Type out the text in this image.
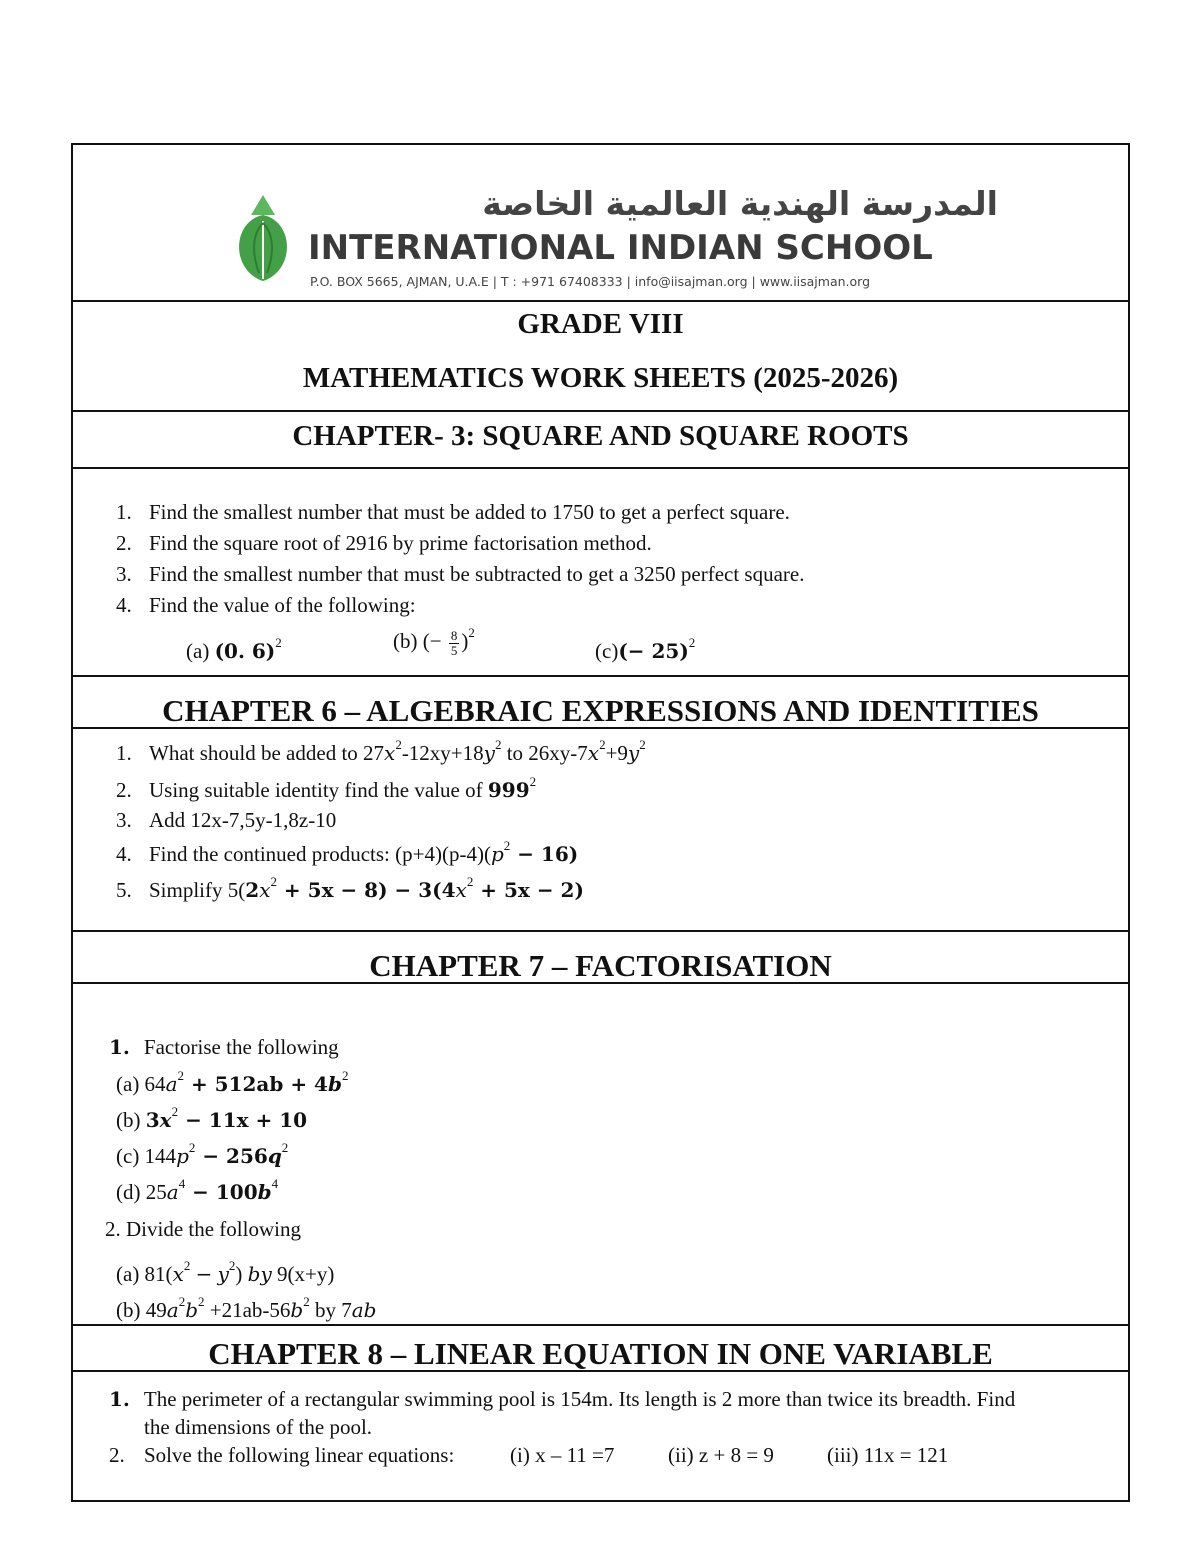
المدرسة الهندية العالمية الخاصة
INTERNATIONAL INDIAN SCHOOL
P.O. BOX 5665, AJMAN, U.A.E | T : +971 67408333 | info@iisajman.org | www.iisajman.org
GRADE VIII
MATHEMATICS WORK SHEETS (2025-2026)
CHAPTER- 3: SQUARE AND SQUARE ROOTS
1. Find the smallest number that must be added to 1750 to get a perfect square.
2. Find the square root of 2916 by prime factorisation method.
3. Find the smallest number that must be subtracted to get a 3250 perfect square.
4. Find the value of the following:
(a) (0. 6)$^2$	(b) (− $\frac{8}{5} )^2$
$(c)(- 25)^2$
CHAPTER 6 – ALGEBRAIC EXPRESSIONS AND IDENTITIES
1. What should be added to $27x^2-12xy+18y^2$ to $26xy-7x^2+9y^2$
2. Using suitable identity find the value of $999^2$
3. Add 12x-7,5y-1,8z-10
4. Find the continued products: $(p+4)(p-4)(p^2 - 16)$
5. Simplify $5(2x^2 + 5x - 8) - 3(4x^2 + 5x - 2)$
CHAPTER 7 – FACTORISATION
1. Factorise the following
(a) $64a^2 + 512ab + 4b^2$
(b) $3x^2 - 11x + 10$
(c) $144p^2 - 256q^2$
(d) $25a^4 - 100b^4$
2. Divide the following
(a) $81(x^2 - y^2)$ by 9(x+y)
(b) $49a^2b^2 +21ab-56b^2$ by 7ab
CHAPTER 8 – LINEAR EQUATION IN ONE VARIABLE
1. The perimeter of a rectangular swimming pool is 154m. Its length is 2 more than twice its breadth. Find
the dimensions of the pool.
2. Solve the following linear equations:	(i) x – 11 =7	(ii) z + 8 = 9	(iii) 11x = 121
